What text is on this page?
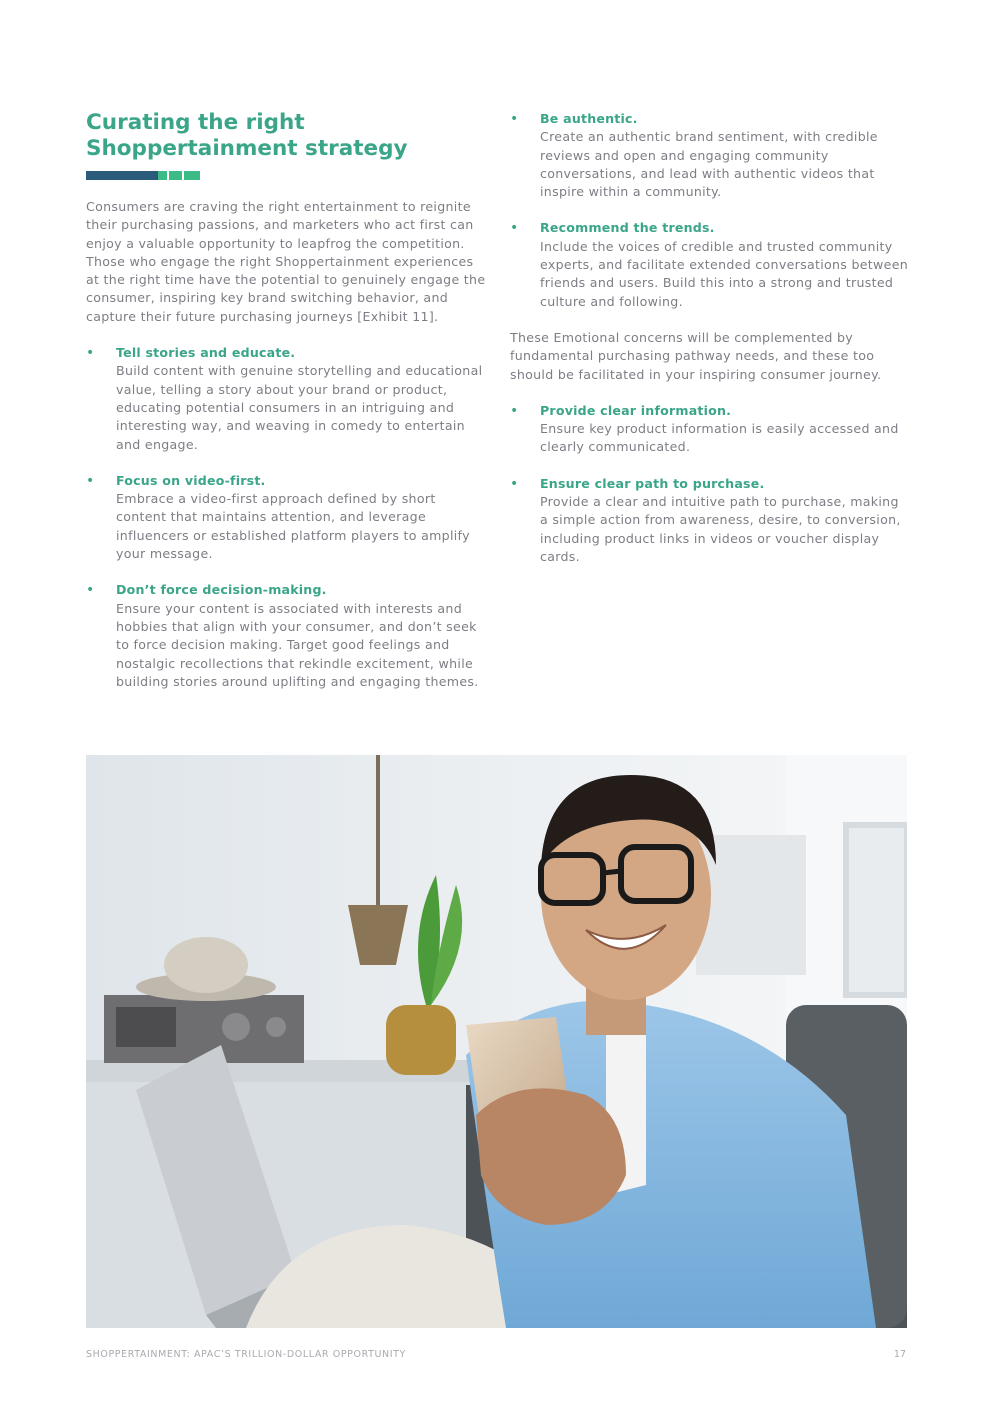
Curating the right
Shoppertainment strategy

Consumers are craving the right entertainment to reignite their purchasing passions, and marketers who act first can enjoy a valuable opportunity to leapfrog the competition. Those who engage the right Shoppertainment experiences at the right time have the potential to genuinely engage the consumer, inspiring key brand switching behavior, and capture their future purchasing journeys [Exhibit 11].

• Tell stories and educate.
Build content with genuine storytelling and educational value, telling a story about your brand or product, educating potential consumers in an intriguing and interesting way, and weaving in comedy to entertain and engage.
• Focus on video-first.
Embrace a video-first approach defined by short content that maintains attention, and leverage influencers or established platform players to amplify your message.
• Don’t force decision-making.
Ensure your content is associated with interests and hobbies that align with your consumer, and don’t seek to force decision making. Target good feelings and nostalgic recollections that rekindle excitement, while building stories around uplifting and engaging themes.
• Be authentic.
Create an authentic brand sentiment, with credible reviews and open and engaging community conversations, and lead with authentic videos that inspire within a community.
• Recommend the trends.
Include the voices of credible and trusted community experts, and facilitate extended conversations between friends and users. Build this into a strong and trusted culture and following.

These Emotional concerns will be complemented by fundamental purchasing pathway needs, and these too should be facilitated in your inspiring consumer journey.

• Provide clear information.
Ensure key product information is easily accessed and clearly communicated.
• Ensure clear path to purchase.
Provide a clear and intuitive path to purchase, making a simple action from awareness, desire, to conversion, including product links in videos or voucher display cards.
SHOPPERTAINMENT: APAC’S TRILLION-DOLLAR OPPORTUNITY	17
